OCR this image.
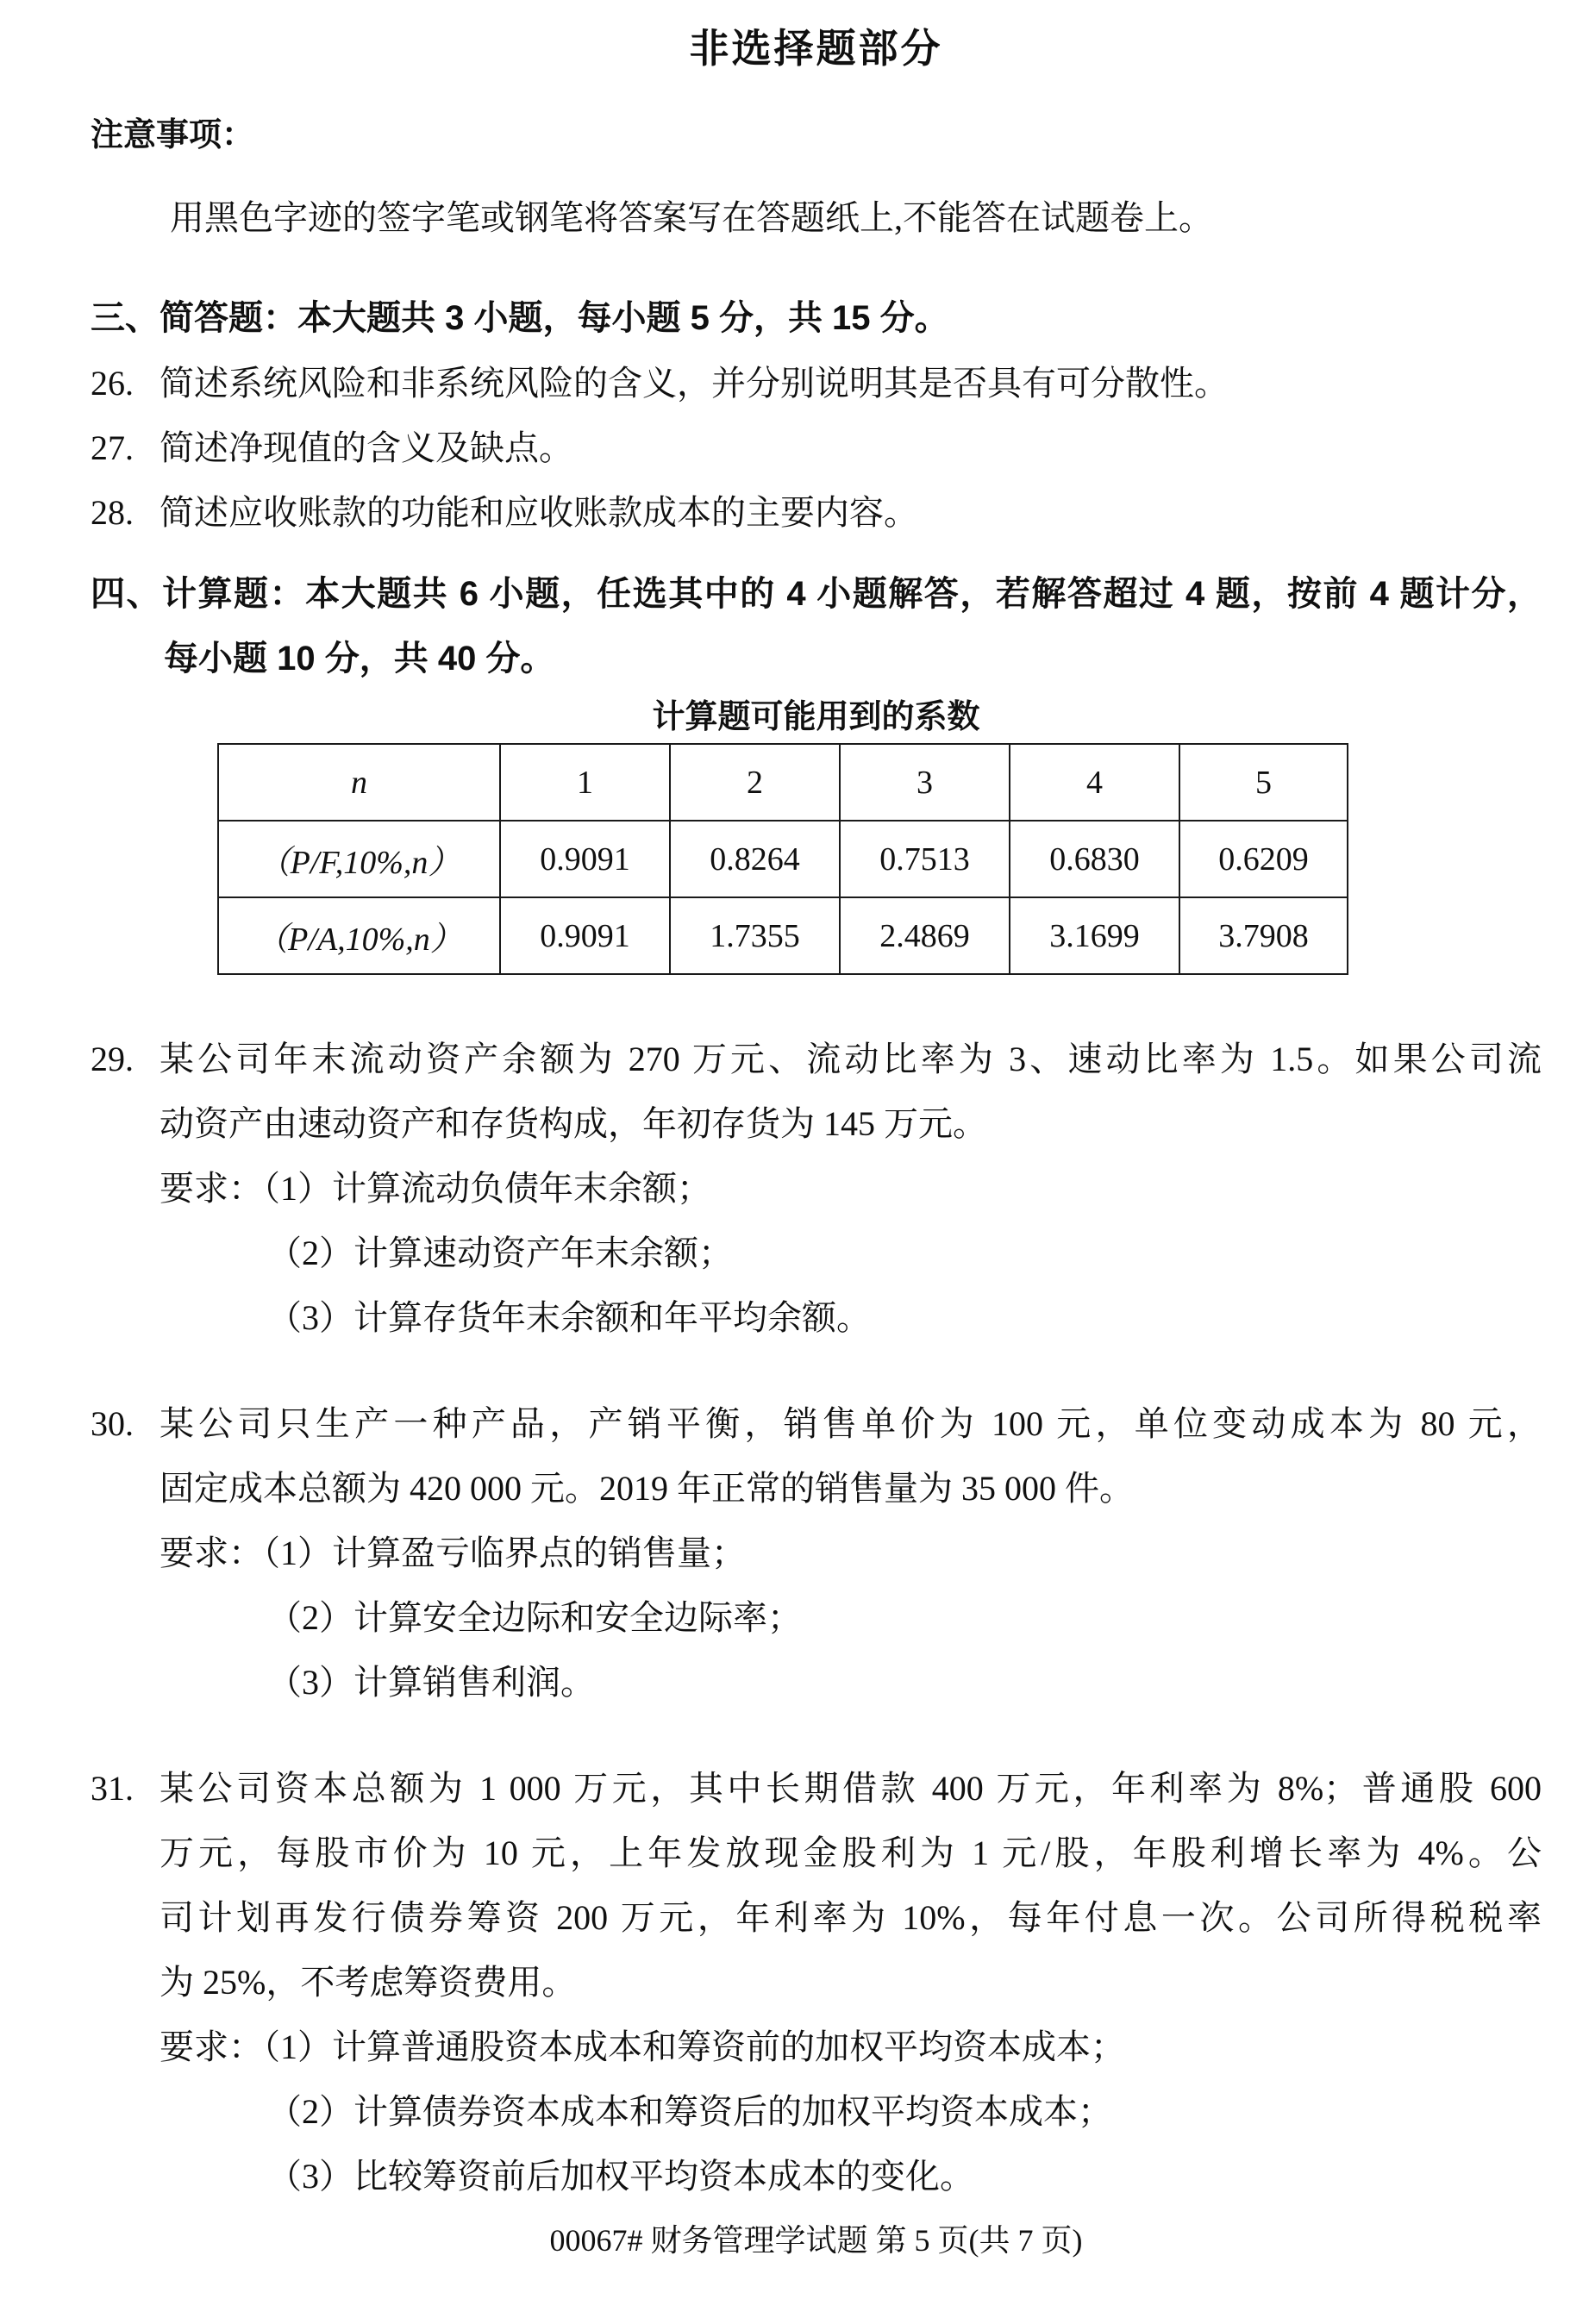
非选择题部分
注意事项：
用黑色字迹的签字笔或钢笔将答案写在答题纸上,不能答在试题卷上。
三、简答题：本大题共 3 小题，每小题 5 分，共 15 分。
26. 简述系统风险和非系统风险的含义，并分别说明其是否具有可分散性。
27. 简述净现值的含义及缺点。
28. 简述应收账款的功能和应收账款成本的主要内容。
四、计算题：本大题共 6 小题，任选其中的 4 小题解答，若解答超过 4 题，按前 4 题计分，
每小题 10 分，共 40 分。
计算题可能用到的系数
n	1	2	3	4	5
（P/F,10%,n）	0.9091	0.8264	0.7513	0.6830	0.6209
（P/A,10%,n）	0.9091	1.7355	2.4869	3.1699	3.7908
29. 某公司年末流动资产余额为 270 万元、流动比率为 3、速动比率为 1.5。如果公司流
动资产由速动资产和存货构成，年初存货为 145 万元。
要求：（1）计算流动负债年末余额；
（2）计算速动资产年末余额；
（3）计算存货年末余额和年平均余额。
30. 某公司只生产一种产品，产销平衡，销售单价为 100 元，单位变动成本为 80 元，
固定成本总额为 420 000 元。2019 年正常的销售量为 35 000 件。
要求：（1）计算盈亏临界点的销售量；
（2）计算安全边际和安全边际率；
（3）计算销售利润。
31. 某公司资本总额为 1 000 万元，其中长期借款 400 万元，年利率为 8%；普通股 600
万元，每股市价为 10 元，上年发放现金股利为 1 元/股，年股利增长率为 4%。公
司计划再发行债券筹资 200 万元，年利率为 10%，每年付息一次。公司所得税税率
为 25%，不考虑筹资费用。
要求：（1）计算普通股资本成本和筹资前的加权平均资本成本；
（2）计算债券资本成本和筹资后的加权平均资本成本；
（3）比较筹资前后加权平均资本成本的变化。
00067# 财务管理学试题 第 5 页(共 7 页)
